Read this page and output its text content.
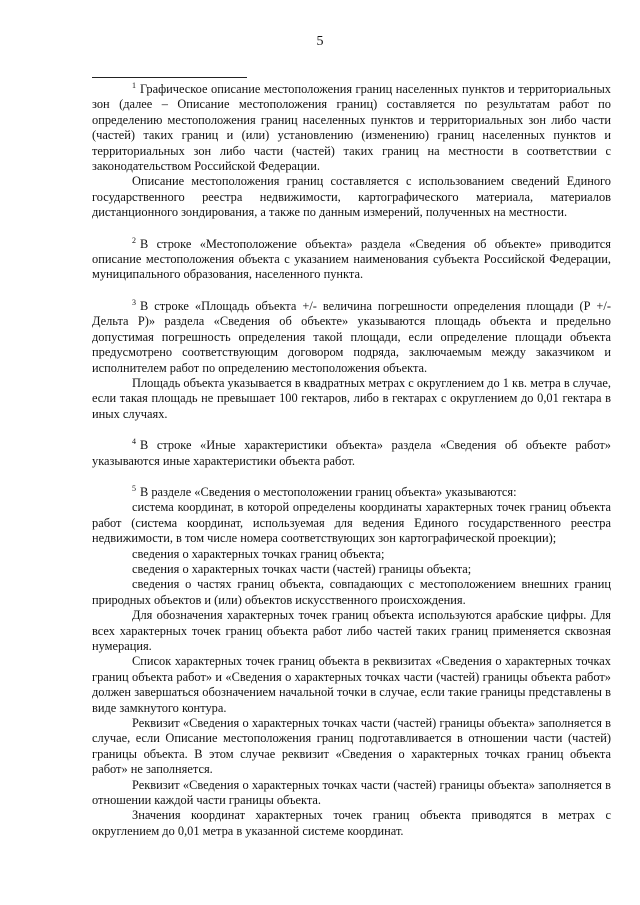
5

$^1$ Графическое описание местоположения границ населенных пунктов и территориальных зон (далее – Описание местоположения границ) составляется по результатам работ по определению местоположения границ населенных пунктов и территориальных зон либо части (частей) таких границ и (или) установлению (изменению) границ населенных пунктов и территориальных зон либо части (частей) таких границ на местности в соответствии с законодательством Российской Федерации.

Описание местоположения границ составляется с использованием сведений Единого государственного реестра недвижимости, картографического материала, материалов дистанционного зондирования, а также по данным измерений, полученных на местности.

$^2$ В строке «Местоположение объекта» раздела «Сведения об объекте» приводится описание местоположения объекта с указанием наименования субъекта Российской Федерации, муниципального образования, населенного пункта.

$^3$ В строке «Площадь объекта +/- величина погрешности определения площади (Р +/- Дельта Р)» раздела «Сведения об объекте» указываются площадь объекта и предельно допустимая погрешность определения такой площади, если определение площади объекта предусмотрено соответствующим договором подряда, заключаемым между заказчиком и исполнителем работ по определению местоположения объекта.

Площадь объекта указывается в квадратных метрах с округлением до 1 кв. метра в случае, если такая площадь не превышает 100 гектаров, либо в гектарах с округлением до 0,01 гектара в иных случаях.

$^4$ В строке «Иные характеристики объекта» раздела «Сведения об объекте работ» указываются иные характеристики объекта работ.

$^5$ В разделе «Сведения о местоположении границ объекта» указываются:

система координат, в которой определены координаты характерных точек границ объекта работ (система координат, используемая для ведения Единого государственного реестра недвижимости, в том числе номера соответствующих зон картографической проекции);

сведения о характерных точках границ объекта;

сведения о характерных точках части (частей) границы объекта;

сведения о частях границ объекта, совпадающих с местоположением внешних границ природных объектов и (или) объектов искусственного происхождения.

Для обозначения характерных точек границ объекта используются арабские цифры. Для всех характерных точек границ объекта работ либо частей таких границ применяется сквозная нумерация.

Список характерных точек границ объекта в реквизитах «Сведения о характерных точках границ объекта работ» и «Сведения о характерных точках части (частей) границы объекта работ» должен завершаться обозначением начальной точки в случае, если такие границы представлены в виде замкнутого контура.

Реквизит «Сведения о характерных точках части (частей) границы объекта» заполняется в случае, если Описание местоположения границ подготавливается в отношении части (частей) границы объекта. В этом случае реквизит «Сведения о характерных точках границ объекта работ» не заполняется.

Реквизит «Сведения о характерных точках части (частей) границы объекта» заполняется в отношении каждой части границы объекта.

Значения координат характерных точек границ объекта приводятся в метрах с округлением до 0,01 метра в указанной системе координат.
